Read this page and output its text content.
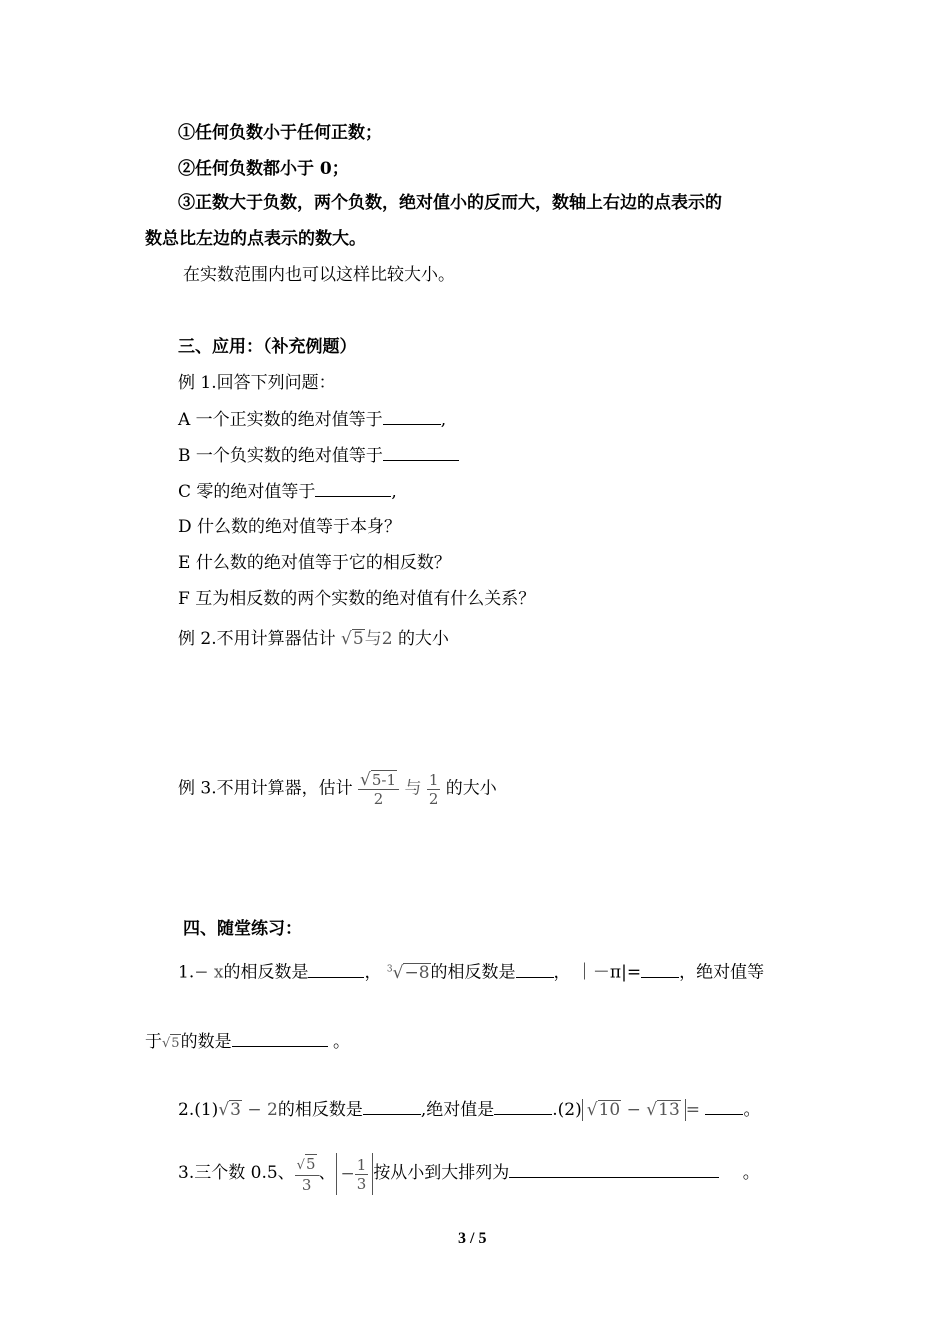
①任何负数小于任何正数；
②任何负数都小于 0；
③正数大于负数，两个负数，绝对值小的反而大，数轴上右边的点表示的
数总比左边的点表示的数大。
在实数范围内也可以这样比较大小。
三、应用：（补充例题）
例 1.回答下列问题：
A 一个正实数的绝对值等于	,
B 一个负实数的绝对值等于
C 零的绝对值等于	,
D 什么数的绝对值等于本身？
E 什么数的绝对值等于它的相反数？
F 互为相反数的两个实数的绝对值有什么关系？
例 2.不用计算器估计 √5与2 的大小
例 3.不用计算器，估计 $\frac{√5-1}{2}$ 与 $\frac{1}{2}$ 的大小
四、随堂练习：
1.− x的相反数是	， $^3$√−8的相反数是 ， ｜－π|= ，绝对值等
于√5的数是	。
2.(1)√3 − 2的相反数是	,绝对值是	.(2) √10 − √13 =	。
3.三个数 0.5、 $\frac{√5}{3}$ 、 − $\frac{1}{3}$ 按从小到大排列为	。
3 / 5
